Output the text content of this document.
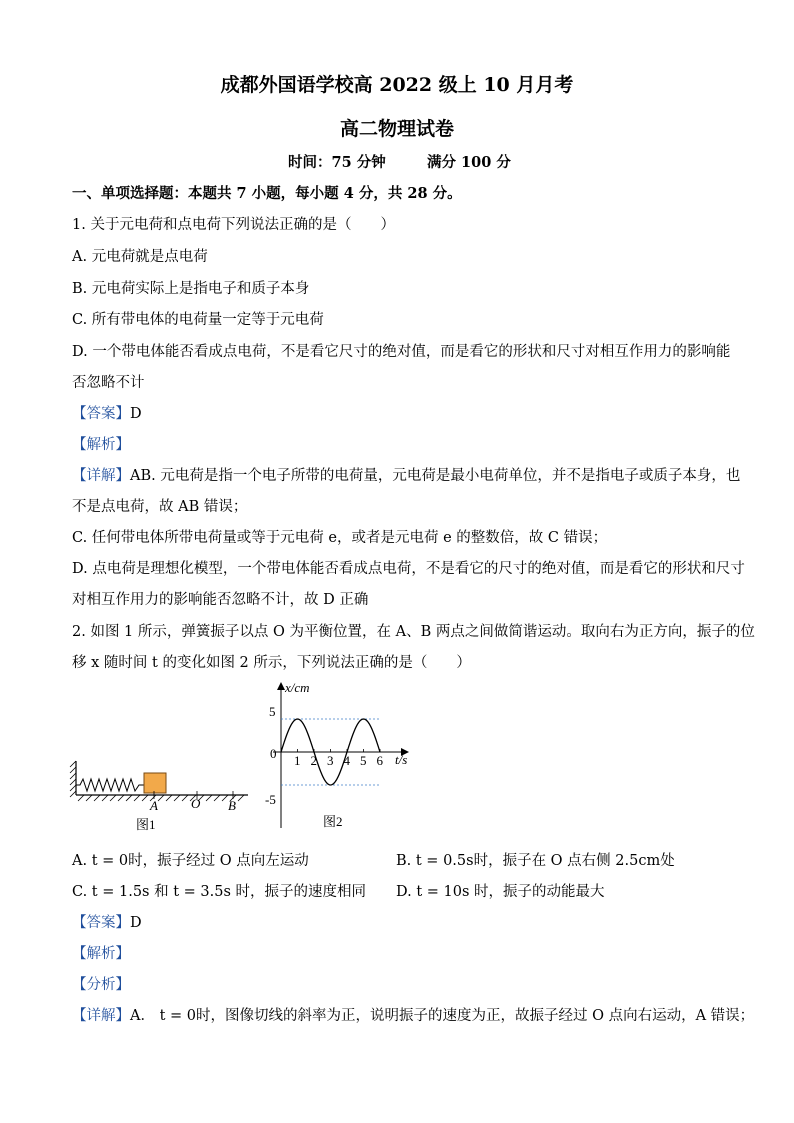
成都外国语学校高 2022 级上 10 月月考
高二物理试卷
时间：75 分钟	满分 100 分
一、单项选择题：本题共 7 小题，每小题 4 分，共 28 分。
1. 关于元电荷和点电荷下列说法正确的是（　　）
A. 元电荷就是点电荷
B. 元电荷实际上是指电子和质子本身
C. 所有带电体的电荷量一定等于元电荷
D. 一个带电体能否看成点电荷，不是看它尺寸的绝对值，而是看它的形状和尺寸对相互作用力的影响能
否忽略不计
【答案】D
【解析】
【详解】AB. 元电荷是指一个电子所带的电荷量，元电荷是最小电荷单位，并不是指电子或质子本身，也
不是点电荷，故 AB 错误；
C. 任何带电体所带电荷量或等于元电荷 e，或者是元电荷 e 的整数倍，故 C 错误；
D. 点电荷是理想化模型，一个带电体能否看成点电荷，不是看它的尺寸的绝对值，而是看它的形状和尺寸
对相互作用力的影响能否忽略不计，故 D 正确
2. 如图 1 所示，弹簧振子以点 O 为平衡位置，在 A、B 两点之间做简谐运动。取向右为正方向，振子的位
移 x 随时间 t 的变化如图 2 所示，下列说法正确的是（　　）
A	O B
图1
x/cm
t/s
0
5
-5
1 2 3 4 5 6
图2
A. t = 0时，振子经过 O 点向左运动	B. t = 0.5s时，振子在 O 点右侧 2.5cm处
C. t = 1.5s 和 t = 3.5s 时，振子的速度相同 D. t = 10s 时，振子的动能最大
【答案】D
【解析】
【分析】
【详解】A． t = 0时，图像切线的斜率为正，说明振子的速度为正，故振子经过 O 点向右运动，A 错误；
